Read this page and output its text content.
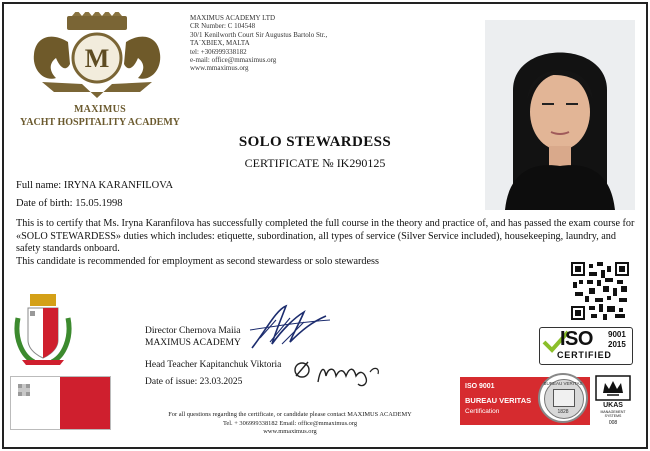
M
MAXIMUS
YACHT HOSPITALITY ACADEMY
MAXIMUS ACADEMY LTD
CR Number: C 104548
30/1 Kenilworth Court Sir Augustus Bartolo Str.,
TA`XBIEX, MALTA
tel: +306999338182
e-mail: office@mmaximus.org
www.mmaximus.org
SOLO STEWARDESS
CERTIFICATE № IK290125
Full name: IRYNA KARANFILOVA
Date of birth: 15.05.1998
This is to certify that Ms. Iryna Karanfilova has successfully completed the full course in the theory and practice of, and has passed the exam course for «SOLO STEWARDESS» duties which includes: etiquette, subordination, all types of service (Silver Service included), housekeeping, laundry, and safety standards onboard.
This candidate is recommended for employment as second stewardess or solo stewardess
Director Chernova Maiia
MAXIMUS ACADEMY
Head Teacher Kapitanchuk Viktoria
Date of issue: 23.03.2025
For all questions regarding the certificate, or candidate please contact MAXIMUS ACADEMY
Tel. + 306999338182 Email: office@mmaximus.org
www.mmaximus.org
ISO 9001
2015
CERTIFIED
ISO 9001
BUREAU VERITAS
Certification
BUREAU VERITAS
1828
UKAS
MANAGEMENT SYSTEMS
008
